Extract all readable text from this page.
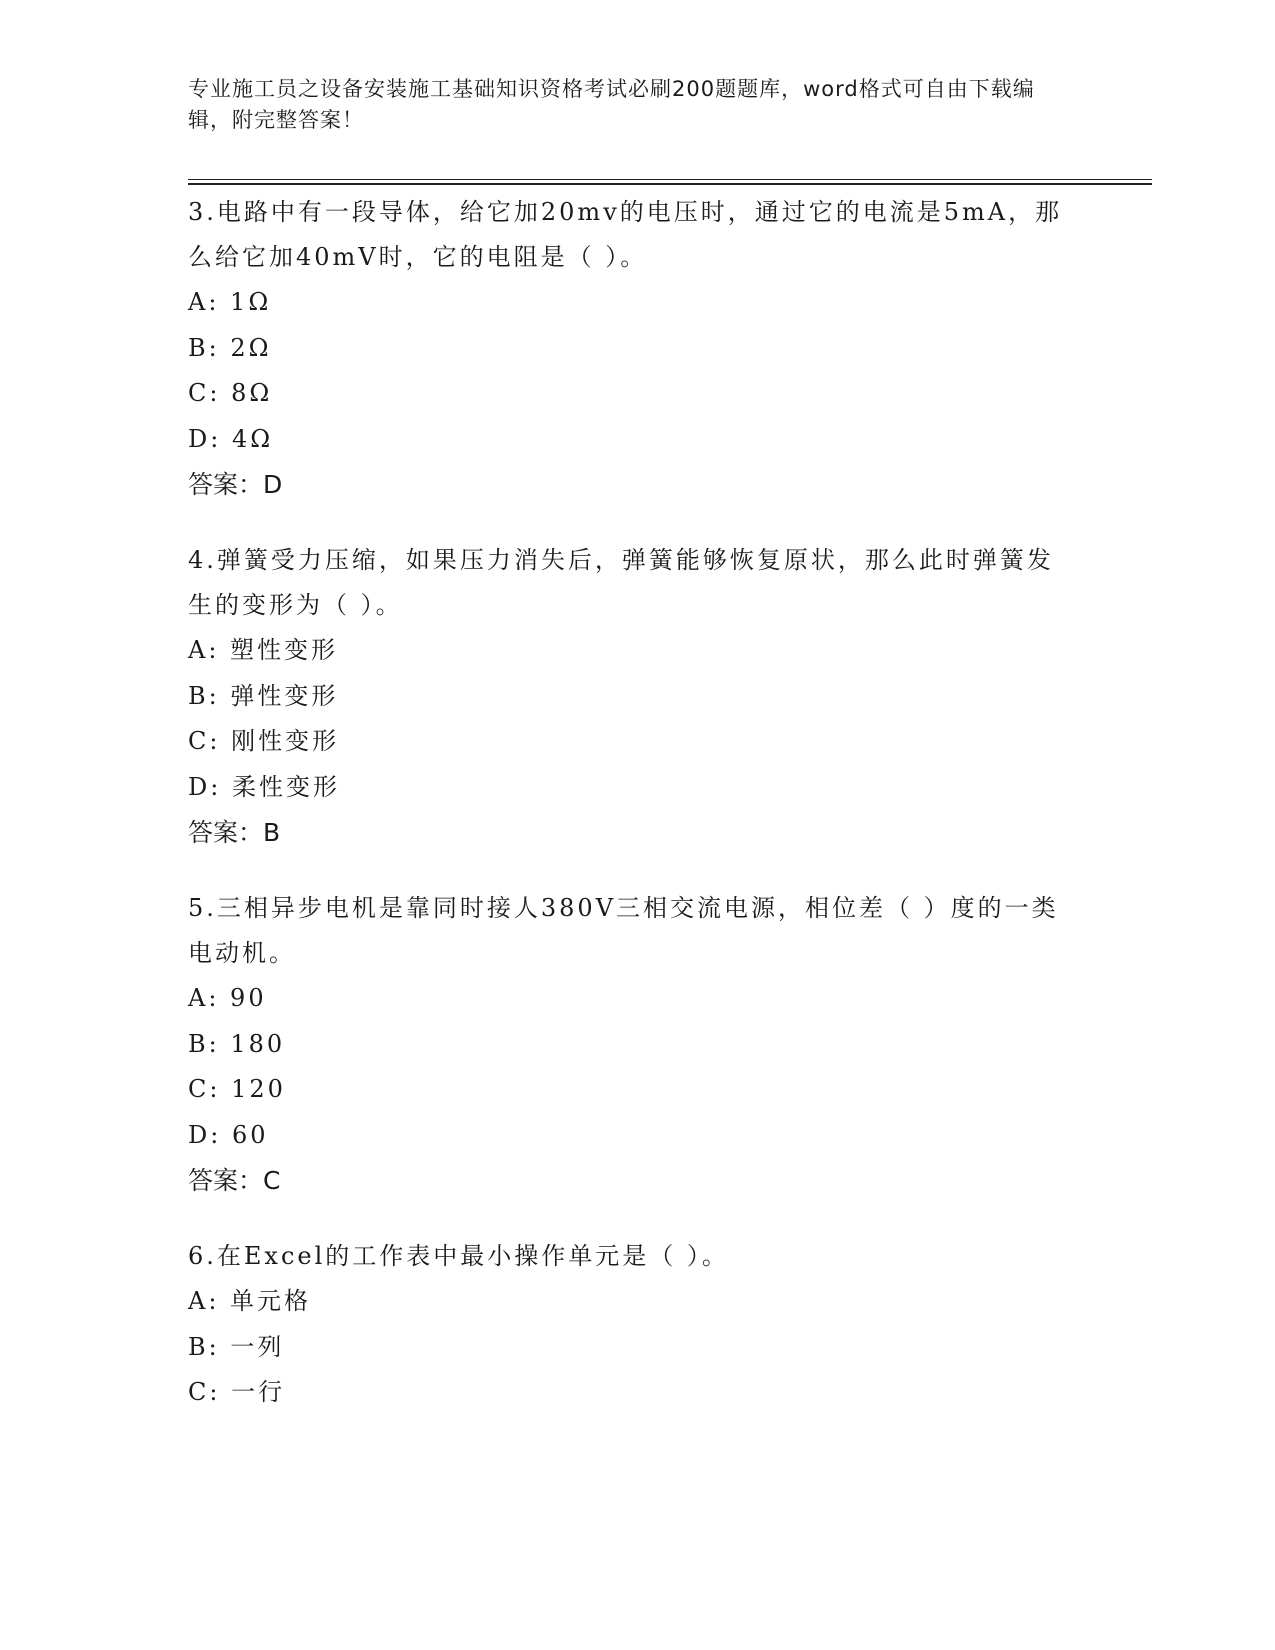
专业施工员之设备安装施工基础知识资格考试必刷200题题库，word格式可自由下载编辑，附完整答案！
3.电路中有一段导体，给它加20mv的电压时，通过它的电流是5mA，那么给它加40mV时，它的电阻是（ ）。
A: 1Ω
B: 2Ω
C: 8Ω
D: 4Ω
答案：D
4.弹簧受力压缩，如果压力消失后，弹簧能够恢复原状，那么此时弹簧发生的变形为（ ）。
A: 塑性变形
B: 弹性变形
C: 刚性变形
D: 柔性变形
答案：B
5.三相异步电机是靠同时接人380V三相交流电源，相位差（ ）度的一类电动机。
A: 90
B: 180
C: 120
D: 60
答案：C
6.在Excel的工作表中最小操作单元是（ ）。
A: 单元格
B: 一列
C: 一行
